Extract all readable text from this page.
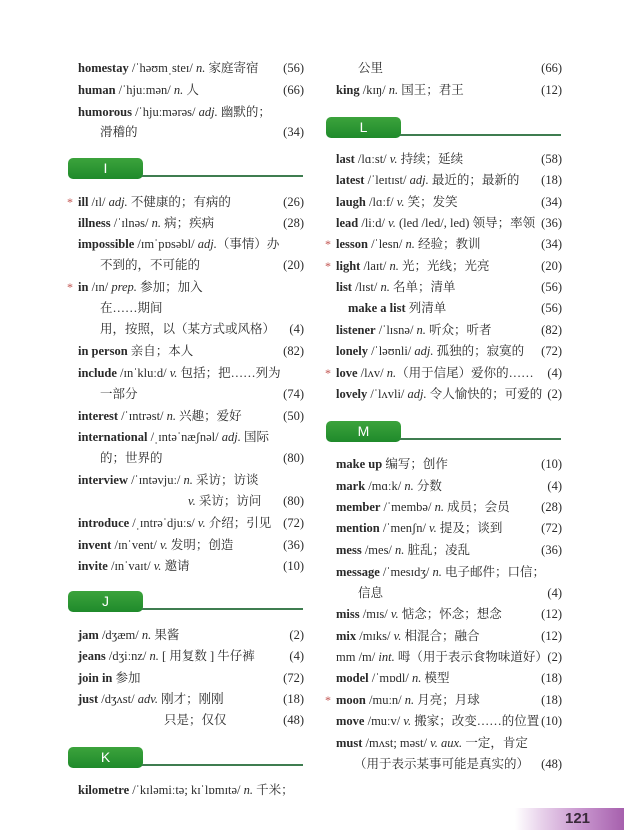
homestay /ˈhəʊmˌsteɪ/ n. 家庭寄宿 (56)
human /ˈhjuːmən/ n. 人	(66)
humorous /ˈhjuːmərəs/ adj. 幽默的；
滑稽的	(34)
I
* ill /ɪl/ adj. 不健康的；有病的	(26)
illness /ˈɪlnəs/ n. 病；疾病	(28)
impossible /ɪmˈpɒsəbl/ adj.（事情）办
不到的，不可能的	(20)
* in /ɪn/ prep. 参加；加入
在……期间
用，按照，以（某方式或风格） (4)
in person 亲自；本人	(82)
include /ɪnˈkluːd/ v. 包括；把……列为
一部分	(74)
interest /ˈɪntrəst/ n. 兴趣；爱好	(50)
international /ˌɪntəˈnæʃnəl/ adj. 国际
的；世界的	(80)
interview /ˈɪntəvjuː/ n. 采访；访谈
v. 采访；访问 (80)
introduce /ˌɪntrəˈdjuːs/ v. 介绍；引见 (72)
invent /ɪnˈvent/ v. 发明；创造	(36)
invite /ɪnˈvaɪt/ v. 邀请	(10)
J
jam /dʒæm/ n. 果酱	(2)
jeans /dʒiːnz/ n. [ 用复数 ] 牛仔裤	(4)
join in 参加	(72)
just /dʒʌst/ adv. 刚才；刚刚	(18)
只是；仅仅	(48)
K
kilometre /ˈkɪləmiːtə; kɪˈlɒmɪtə/ n. 千米；
公里	(66)
king /kɪŋ/ n. 国王；君王	(12)
L
last /lɑːst/ v. 持续；延续	(58)
latest /ˈleɪtɪst/ adj. 最近的；最新的 (18)
laugh /lɑːf/ v. 笑；发笑	(34)
lead /liːd/ v. (led /led/, led) 领导；率领 (36)
* lesson /ˈlesn/ n. 经验；教训	(34)
* light /laɪt/ n. 光；光线；光亮	(20)
list /lɪst/ n. 名单；清单	(56)
make a list 列清单	(56)
listener /ˈlɪsnə/ n. 听众；听者	(82)
lonely /ˈləʊnli/ adj. 孤独的；寂寞的 (72)
* love /lʌv/ n.（用于信尾）爱你的…… (4)
lovely /ˈlʌvli/ adj. 令人愉快的；可爱的 (2)
M
make up 编写；创作	(10)
mark /mɑːk/ n. 分数	(4)
member /ˈmembə/ n. 成员；会员	(28)
mention /ˈmenʃn/ v. 提及；谈到	(72)
mess /mes/ n. 脏乱；凌乱	(36)
message /ˈmesɪdʒ/ n. 电子邮件；口信；
信息	(4)
miss /mɪs/ v. 惦念；怀念；想念	(12)
mix /mɪks/ v. 相混合；融合	(12)
mm /m/ int. 呣（用于表示食物味道好） (2)
model /ˈmɒdl/ n. 模型	(18)
* moon /muːn/ n. 月亮；月球	(18)
move /muːv/ v. 搬家；改变……的位置 (10)
must /mʌst; məst/ v. aux. 一定，肯定
（用于表示某事可能是真实的） (48)
121
